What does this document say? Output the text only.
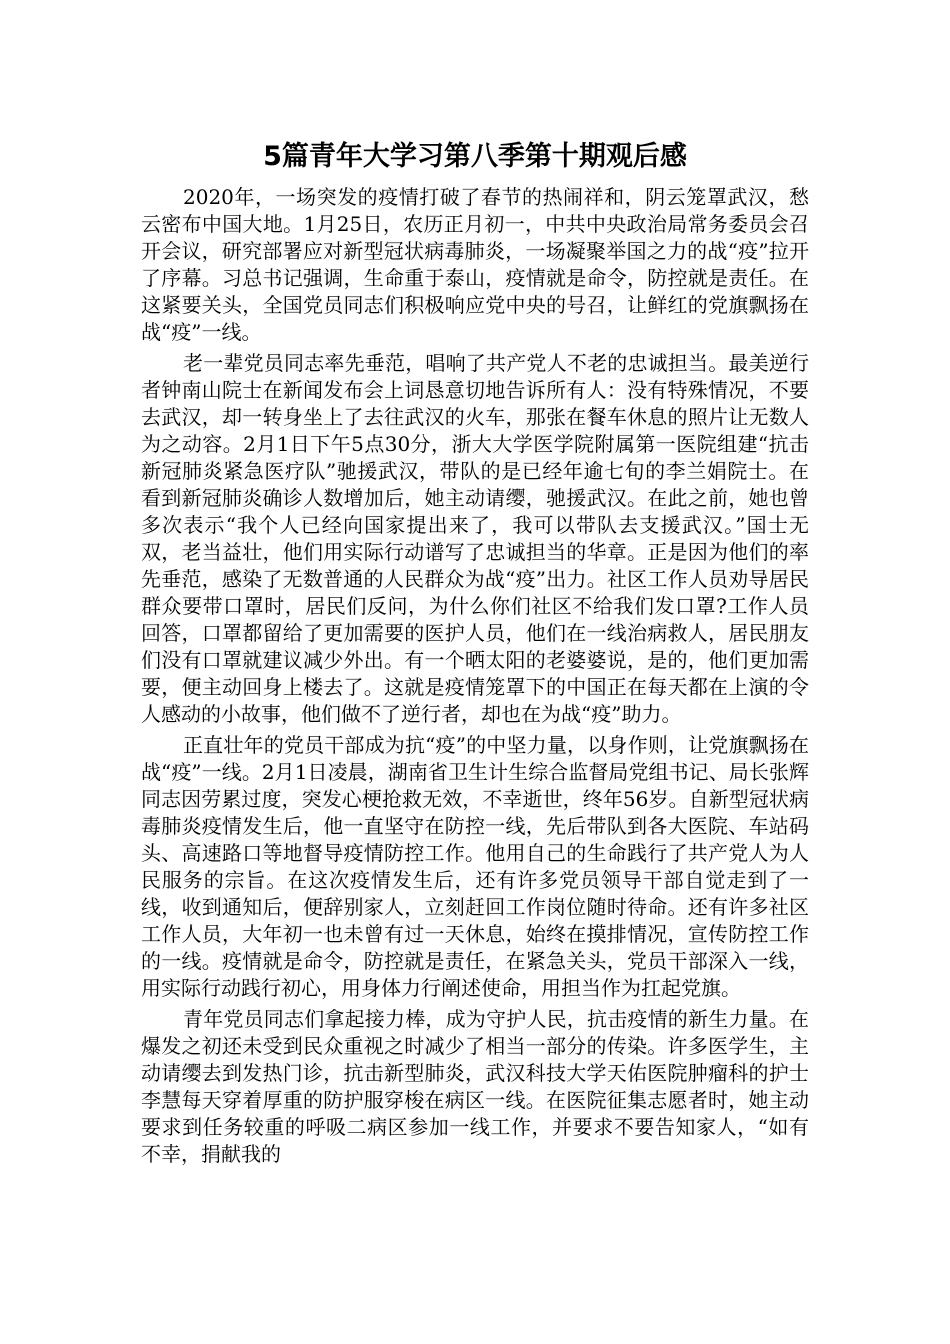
5篇青年大学习第八季第十期观后感

2020年，一场突发的疫情打破了春节的热闹祥和，阴云笼罩武汉，愁云密布中国大地。1月25日，农历正月初一，中共中央政治局常务委员会召开会议，研究部署应对新型冠状病毒肺炎，一场凝聚举国之力的战“疫”拉开了序幕。习总书记强调，生命重于泰山，疫情就是命令，防控就是责任。在这紧要关头，全国党员同志们积极响应党中央的号召，让鲜红的党旗飘扬在战“疫”一线。

老一辈党员同志率先垂范，唱响了共产党人不老的忠诚担当。最美逆行者钟南山院士在新闻发布会上词恳意切地告诉所有人：没有特殊情况，不要去武汉，却一转身坐上了去往武汉的火车，那张在餐车休息的照片让无数人为之动容。2月1日下午5点30分，浙大大学医学院附属第一医院组建“抗击新冠肺炎紧急医疗队”驰援武汉，带队的是已经年逾七旬的李兰娟院士。在看到新冠肺炎确诊人数增加后，她主动请缨，驰援武汉。在此之前，她也曾多次表示“我个人已经向国家提出来了，我可以带队去支援武汉。”国士无双，老当益壮，他们用实际行动谱写了忠诚担当的华章。正是因为他们的率先垂范，感染了无数普通的人民群众为战“疫”出力。社区工作人员劝导居民群众要带口罩时，居民们反问，为什么你们社区不给我们发口罩?工作人员回答，口罩都留给了更加需要的医护人员，他们在一线治病救人，居民朋友们没有口罩就建议减少外出。有一个晒太阳的老婆婆说，是的，他们更加需要，便主动回身上楼去了。这就是疫情笼罩下的中国正在每天都在上演的令人感动的小故事，他们做不了逆行者，却也在为战“疫”助力。

正直壮年的党员干部成为抗“疫”的中坚力量，以身作则，让党旗飘扬在战“疫”一线。2月1日凌晨，湖南省卫生计生综合监督局党组书记、局长张辉同志因劳累过度，突发心梗抢救无效，不幸逝世，终年56岁。自新型冠状病毒肺炎疫情发生后，他一直坚守在防控一线，先后带队到各大医院、车站码头、高速路口等地督导疫情防控工作。他用自己的生命践行了共产党人为人民服务的宗旨。在这次疫情发生后，还有许多党员领导干部自觉走到了一线，收到通知后，便辞别家人，立刻赶回工作岗位随时待命。还有许多社区工作人员，大年初一也未曾有过一天休息，始终在摸排情况，宣传防控工作的一线。疫情就是命令，防控就是责任，在紧急关头，党员干部深入一线，用实际行动践行初心，用身体力行阐述使命，用担当作为扛起党旗。

青年党员同志们拿起接力棒，成为守护人民，抗击疫情的新生力量。在爆发之初还未受到民众重视之时减少了相当一部分的传染。许多医学生，主动请缨去到发热门诊，抗击新型肺炎，武汉科技大学天佑医院肿瘤科的护士李慧每天穿着厚重的防护服穿梭在病区一线。在医院征集志愿者时，她主动要求到任务较重的呼吸二病区参加一线工作，并要求不要告知家人，“如有不幸，捐献我的
